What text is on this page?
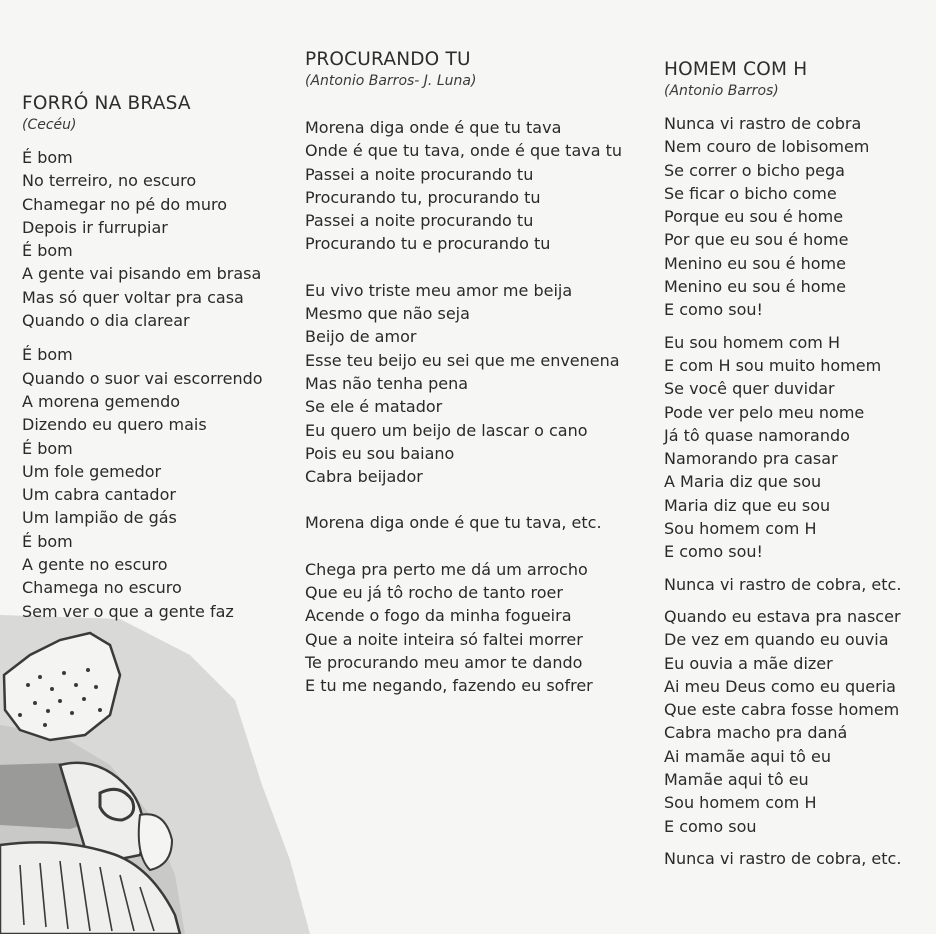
FORRÓ NA BRASA
(Cecéu)
É bom
No terreiro, no escuro
Chamegar no pé do muro
Depois ir furrupiar
É bom
A gente vai pisando em brasa
Mas só quer voltar pra casa
Quando o dia clarear
É bom
Quando o suor vai escorrendo
A morena gemendo
Dizendo eu quero mais
É bom
Um fole gemedor
Um cabra cantador
Um lampião de gás
É bom
A gente no escuro
Chamega no escuro
Sem ver o que a gente faz
PROCURANDO TU
(Antonio Barros- J. Luna)
Morena diga onde é que tu tava
Onde é que tu tava, onde é que tava tu
Passei a noite procurando tu
Procurando tu, procurando tu
Passei a noite procurando tu
Procurando tu e procurando tu
Eu vivo triste meu amor me beija
Mesmo que não seja
Beijo de amor
Esse teu beijo eu sei que me envenena
Mas não tenha pena
Se ele é matador
Eu quero um beijo de lascar o cano
Pois eu sou baiano
Cabra beijador
Morena diga onde é que tu tava, etc.
Chega pra perto me dá um arrocho
Que eu já tô rocho de tanto roer
Acende o fogo da minha fogueira
Que a noite inteira só faltei morrer
Te procurando meu amor te dando
E tu me negando, fazendo eu sofrer
HOMEM COM H
(Antonio Barros)
Nunca vi rastro de cobra
Nem couro de lobisomem
Se correr o bicho pega
Se ficar o bicho come
Porque eu sou é home
Por que eu sou é home
Menino eu sou é home
Menino eu sou é home
E como sou!
Eu sou homem com H
E com H sou muito homem
Se você quer duvidar
Pode ver pelo meu nome
Já tô quase namorando
Namorando pra casar
A Maria diz que sou
Maria diz que eu sou
Sou homem com H
E como sou!
Nunca vi rastro de cobra, etc.
Quando eu estava pra nascer
De vez em quando eu ouvia
Eu ouvia a mãe dizer
Ai meu Deus como eu queria
Que este cabra fosse homem
Cabra macho pra daná
Ai mamãe aqui tô eu
Mamãe aqui tô eu
Sou homem com H
E como sou
Nunca vi rastro de cobra, etc.
